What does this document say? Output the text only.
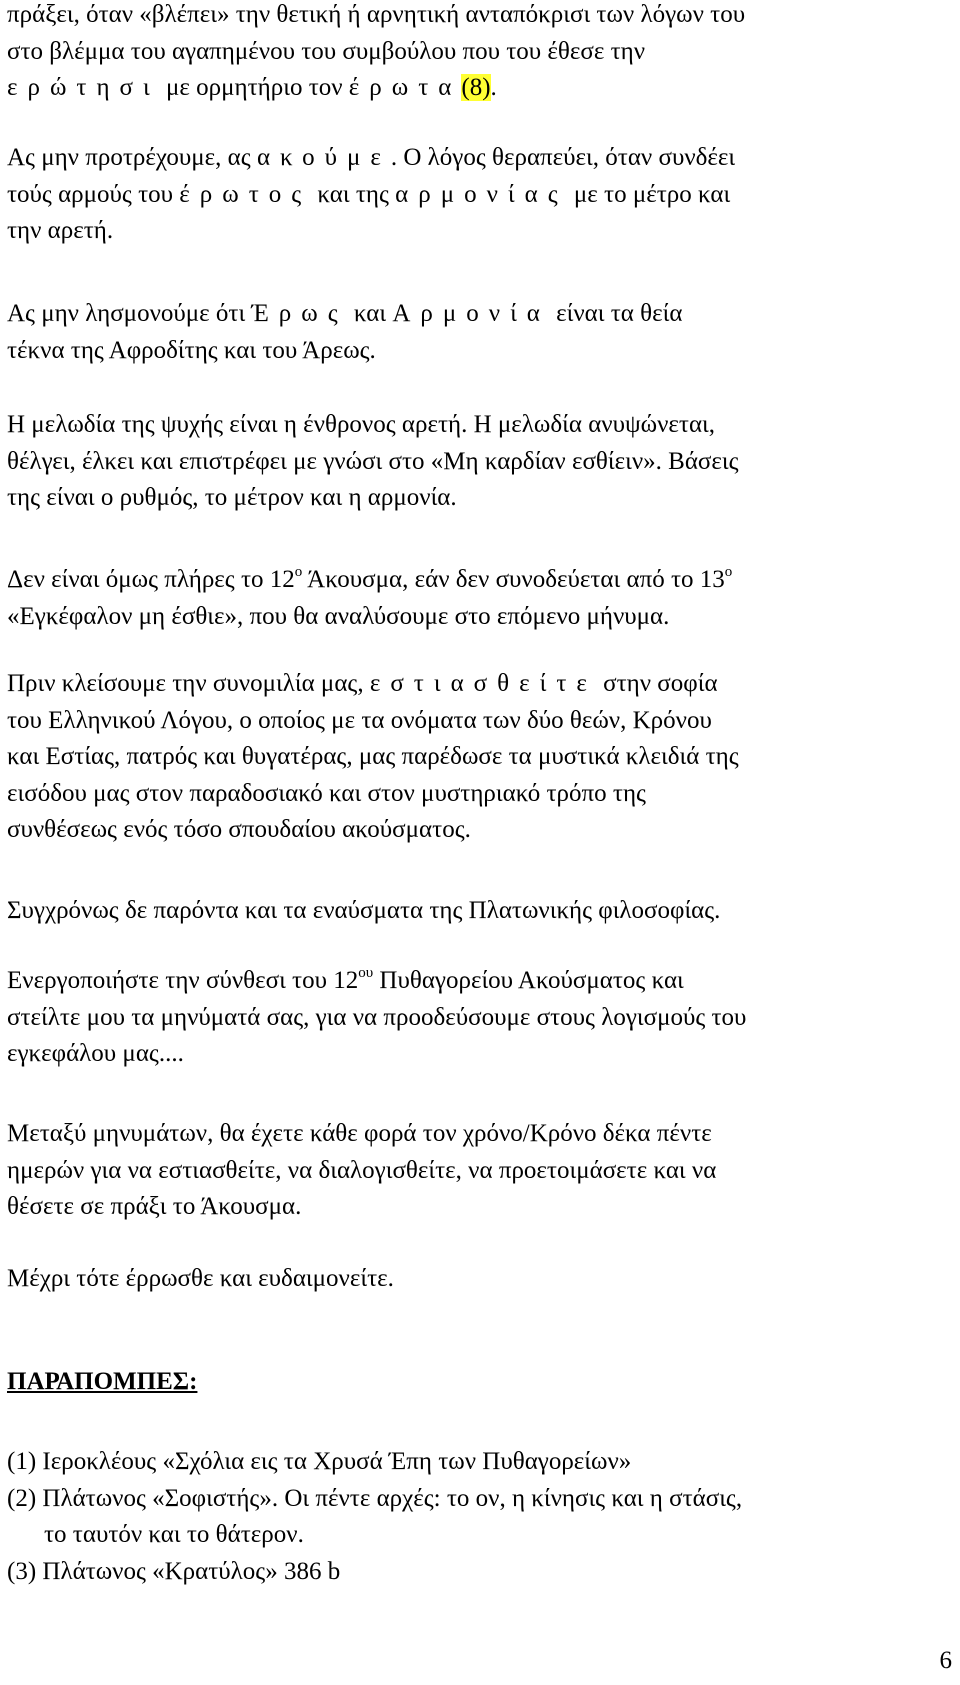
πράξει, όταν «βλέπει» την θετική ή αρνητική ανταπόκρισι των λόγων του
στο βλέμμα του αγαπημένου του συμβούλου που του έθεσε την
ερώτησι με ορμητήριο τον έρωτα(8).

Ας μην προτρέχουμε, ας ακούμε. Ο λόγος θεραπεύει, όταν συνδέει
τούς αρμούς του έρωτος και της αρμονίας με το μέτρο και
την αρετή.

Ας μην λησμονούμε ότι Έρως και Αρμονία είναι τα θεία
τέκνα της Αφροδίτης και του Άρεως.

Η μελωδία της ψυχής είναι η ένθρονος αρετή. Η μελωδία ανυψώνεται,
θέλγει, έλκει και επιστρέφει με γνώσι στο «Μη καρδίαν εσθίειν». Βάσεις
της είναι ο ρυθμός, το μέτρον και η αρμονία.

Δεν είναι όμως πλήρες το $12^o$ Άκουσμα, εάν δεν συνοδεύεται από το $13^o$
«Εγκέφαλον μη έσθιε», που θα αναλύσουμε στο επόμενο μήνυμα.

Πριν κλείσουμε την συνομιλία μας, εστιασθείτε στην σοφία
του Ελληνικού Λόγου, ο οποίος με τα ονόματα των δύο θεών, Κρόνου
και Εστίας, πατρός και θυγατέρας, μας παρέδωσε τα μυστικά κλειδιά της
εισόδου μας στον παραδοσιακό και στον μυστηριακό τρόπο της
συνθέσεως ενός τόσο σπουδαίου ακούσματος.

Συγχρόνως δε παρόντα και τα εναύσματα της Πλατωνικής φιλοσοφίας.

Ενεργοποιήστε την σύνθεσι του $12^{o\upsilon}$ Πυθαγορείου Ακούσματος και
στείλτε μου τα μηνύματά σας, για να προοδεύσουμε στους λογισμούς του
εγκεφάλου μας....

Μεταξύ μηνυμάτων, θα έχετε κάθε φορά τον χρόνο/Κρόνο δέκα πέντε
ημερών για να εστιασθείτε, να διαλογισθείτε, να προετοιμάσετε και να
θέσετε σε πράξι το Άκουσμα.

Μέχρι τότε έρρωσθε και ευδαιμονείτε.

ΠΑΡΑΠΟΜΠΕΣ:
(1) Ιεροκλέους «Σχόλια εις τα Χρυσά Έπη των Πυθαγορείων»
(2) Πλάτωνος «Σοφιστής». Οι πέντε αρχές: το ον, η κίνησις και η στάσις,
το ταυτόν και το θάτερον.
(3) Πλάτωνος «Κρατύλος» 386 b
6
